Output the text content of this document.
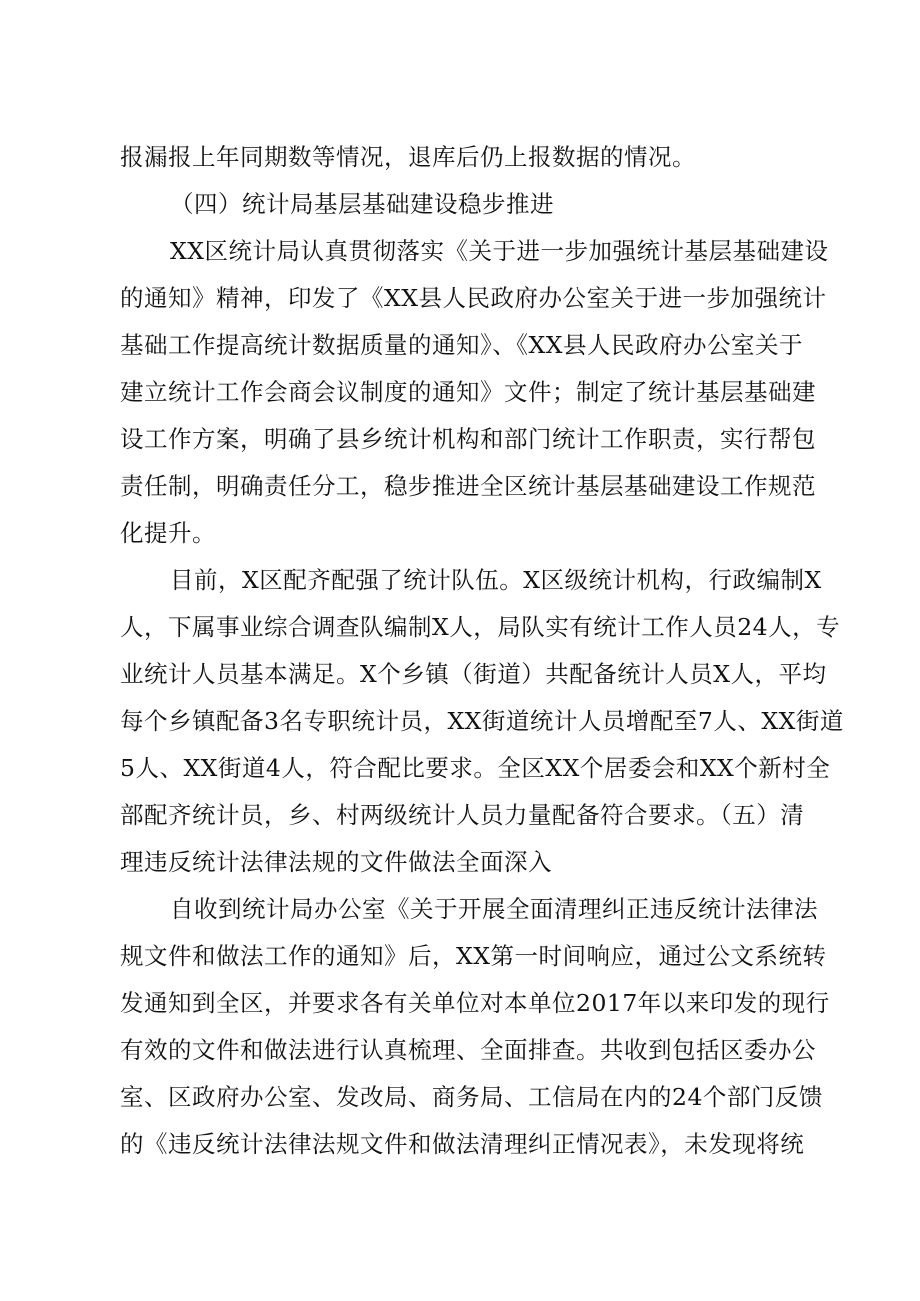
报漏报上年同期数等情况，退库后仍上报数据的情况。

（四）统计局基层基础建设稳步推进

XX区统计局认真贯彻落实《关于进一步加强统计基层基础建设

的通知》精神，印发了《XX县人民政府办公室关于进一步加强统计

基础工作提高统计数据质量的通知》、《XX县人民政府办公室关于

建立统计工作会商会议制度的通知》文件；制定了统计基层基础建

设工作方案，明确了县乡统计机构和部门统计工作职责，实行帮包

责任制，明确责任分工，稳步推进全区统计基层基础建设工作规范

化提升。

目前，X区配齐配强了统计队伍。X区级统计机构，行政编制X

人，下属事业综合调查队编制X人，局队实有统计工作人员24人，专

业统计人员基本满足。X个乡镇（街道）共配备统计人员X人，平均

每个乡镇配备3名专职统计员，XX街道统计人员增配至7人、XX街道

5人、XX街道4人，符合配比要求。全区XX个居委会和XX个新村全

部配齐统计员，乡、村两级统计人员力量配备符合要求。（五）清

理违反统计法律法规的文件做法全面深入

自收到统计局办公室《关于开展全面清理纠正违反统计法律法

规文件和做法工作的通知》后，XX第一时间响应，通过公文系统转

发通知到全区，并要求各有关单位对本单位2017年以来印发的现行

有效的文件和做法进行认真梳理、全面排查。共收到包括区委办公

室、区政府办公室、发改局、商务局、工信局在内的24个部门反馈

的《违反统计法律法规文件和做法清理纠正情况表》，未发现将统
